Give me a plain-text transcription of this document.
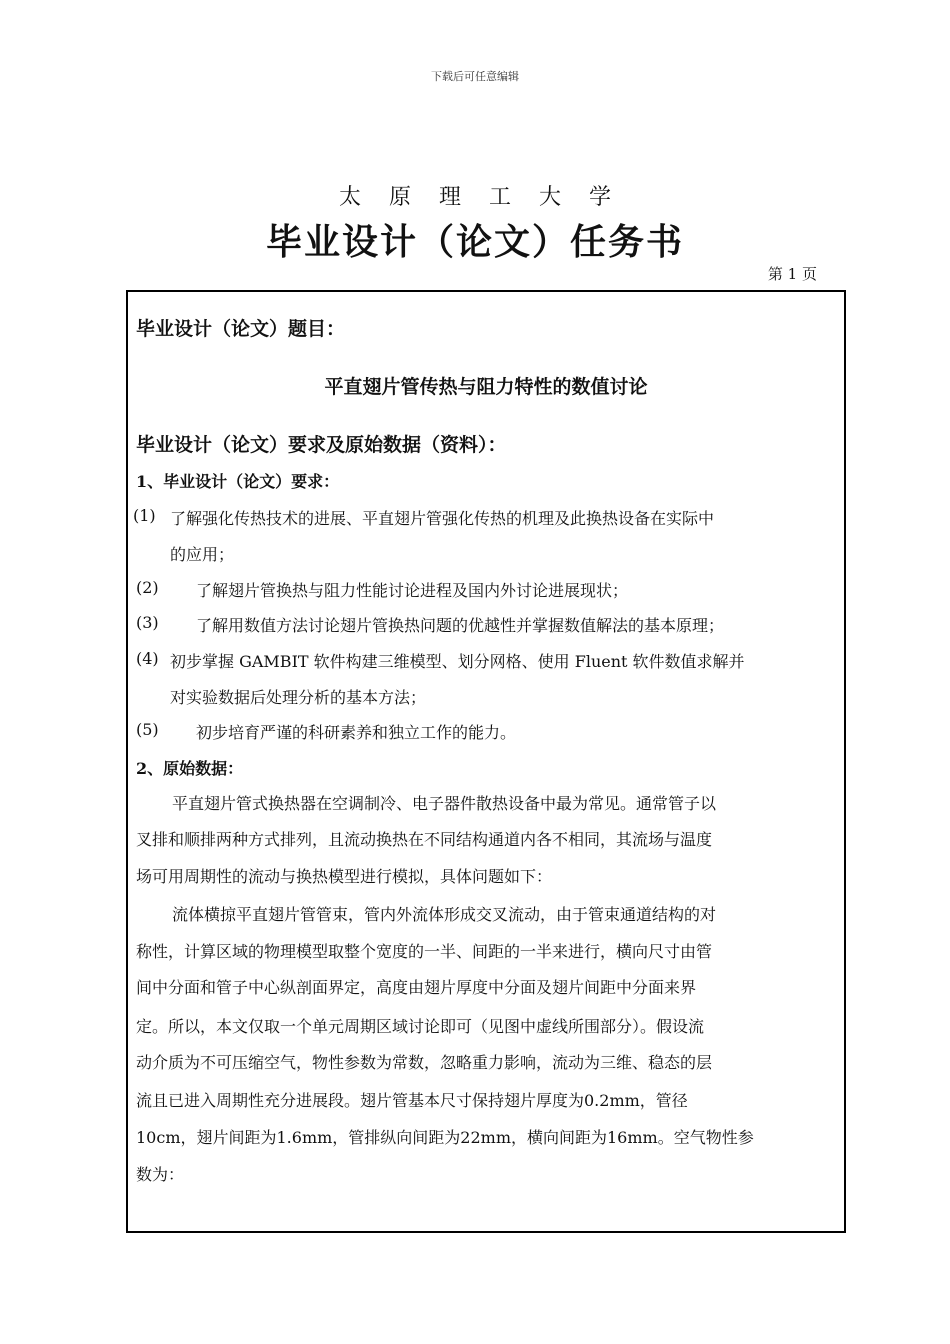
下载后可任意编辑
太原理工大学
毕业设计（论文）任务书
第 1 页
毕业设计（论文）题目：
平直翅片管传热与阻力特性的数值讨论
毕业设计（论文）要求及原始数据（资料）：
1、毕业设计（论文）要求：
(1) 了解强化传热技术的进展、平直翅片管强化传热的机理及此换热设备在实际中
的应用；
(2) 了解翅片管换热与阻力性能讨论进程及国内外讨论进展现状；
(3) 了解用数值方法讨论翅片管换热问题的优越性并掌握数值解法的基本原理；
(4) 初步掌握 GAMBIT 软件构建三维模型、划分网格、使用 Fluent 软件数值求解并
对实验数据后处理分析的基本方法；
(5) 初步培育严谨的科研素养和独立工作的能力。
2、原始数据：
平直翅片管式换热器在空调制冷、电子器件散热设备中最为常见。通常管子以
叉排和顺排两种方式排列，且流动换热在不同结构通道内各不相同，其流场与温度
场可用周期性的流动与换热模型进行模拟，具体问题如下：
流体横掠平直翅片管管束，管内外流体形成交叉流动，由于管束通道结构的对
称性，计算区域的物理模型取整个宽度的一半、间距的一半来进行，横向尺寸由管
间中分面和管子中心纵剖面界定，高度由翅片厚度中分面及翅片间距中分面来界
定。所以，本文仅取一个单元周期区域讨论即可（见图中虚线所围部分）。假设流
动介质为不可压缩空气，物性参数为常数，忽略重力影响，流动为三维、稳态的层
流且已进入周期性充分进展段。翅片管基本尺寸保持翅片厚度为0.2mm，管径
10cm，翅片间距为1.6mm，管排纵向间距为22mm，横向间距为16mm。空气物性参
数为：
